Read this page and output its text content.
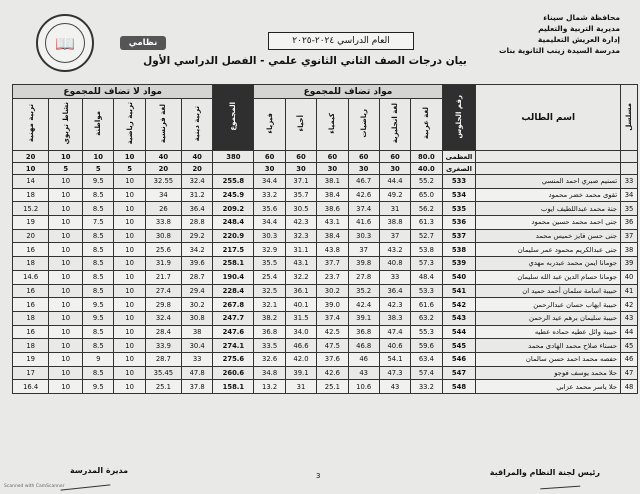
محافظة شمال سيناء
مديرية التربية والتعليم
إدارة العريش التعليمية
مدرسة السيدة زينب الثانوية بنات
📖	العام الدراسي ٢٠٢٤-٢٠٢٥
نظامي
بيان درجات الصف الثاني الثانوي علمي - الفصل الدراسي الأول
مسلسل	اسم الطالب	رقم الجلوس	مواد تضاف للمجموع						المجموع	مواد لا تضاف للمجموع					
			لغة عربية	لغة انجليزية	رياضيات	كيمياء	أحياء	فيزياء		تربية دينية	لغة فرنسية	تربية رياضية	مواطنة	نشاط تربوي	تربية مهنية
		العظمى	80.0	60	60	60	60	60	380	40	40	10	10	10	20
		الصغرى	40.0	30	30	30	30	30		20	20	5	5	5	10
33	تسنيم صبري احمد المنسي	533	55.2	44.4	46.7	38.1	37.1	34.4	255.8	32.4	32.55	10	9.5	10	14
34	تقوى محمد خضر محمود	534	65.0	49.2	42.6	38.4	35.7	33.2	245.9	31.2	34	10	8.5	10	18
35	جنة محمد عبداللطيف ايوب	535	56.2	31	37.4	38.6	30.5	35.6	209.2	36.4	26	10	8.5	10	15.2
36	جنى احمد محمد حسين محمود	536	61.3	38.8	41.6	43.1	42.3	34.4	248.4	28.8	33.8	10	7.5	10	19
37	جنى حسن فايز خميس محمد	537	52.7	37	30.3	38.4	32.3	30.3	220.9	29.2	30.8	10	8.5	10	20
38	جنى عبدالكريم محمود عمر سليمان	538	53.8	43.2	37	43.8	31.1	32.9	217.5	34.2	25.6	10	8.5	10	16
39	جومانا ايمن محمد عبدربه مهدي	539	57.3	40.8	39.8	37.7	43.1	35.5	258.1	39.6	31.9	10	8.5	10	18
40	جومانا حسام الدين عبد الله سليمان	540	48.4	33	27.8	23.7	32.2	25.4	190.4	28.7	21.7	10	8.5	10	14.6
41	حبيبة اسامة سلمان أحمد حميد ان	541	53.3	36.4	35.2	30.2	36.1	32.5	228.4	29.4	27.4	10	8.5	10	16
42	حبيبة ايهاب حسان عبدالرحمن	542	61.6	42.3	42.4	39.0	40.1	32.1	267.8	30.2	29.8	10	9.5	10	16
43	حبيبة سليمان برهم عيد الرحمن	543	63.2	38.3	39.1	37.4	31.5	38.2	247.7	30.8	32.4	10	9.5	10	18
44	حبيبة وائل عطيه حماده عطيه	544	55.3	47.4	36.8	42.5	34.0	36.8	247.6	38	28.4	10	8.5	10	16
45	حسناء صلاح محمد الهادى محمد	545	59.6	40.6	46.8	47.5	46.6	33.5	274.1	30.4	33.9	10	8.5	10	18
46	حفصه محمد احمد حسن سالمان	546	63.4	54.1	46	37.6	42.0	32.6	275.6	33	28.7	10	9	10	19
47	حلا محمد يوسف فوجو	547	57.4	47.3	43	42.6	39.1	34.8	260.6	47.8	35.45	10	8.5	10	17
48	حلا ياسر محمد عزابي	548	33.2	43	10.6	25.1	31	13.2	158.1	37.8	25.1	10	9.5	10	16.4
رئيس لجنة النظام والمراقبة
مديرة المدرسة
3
Scanned with CamScanner
